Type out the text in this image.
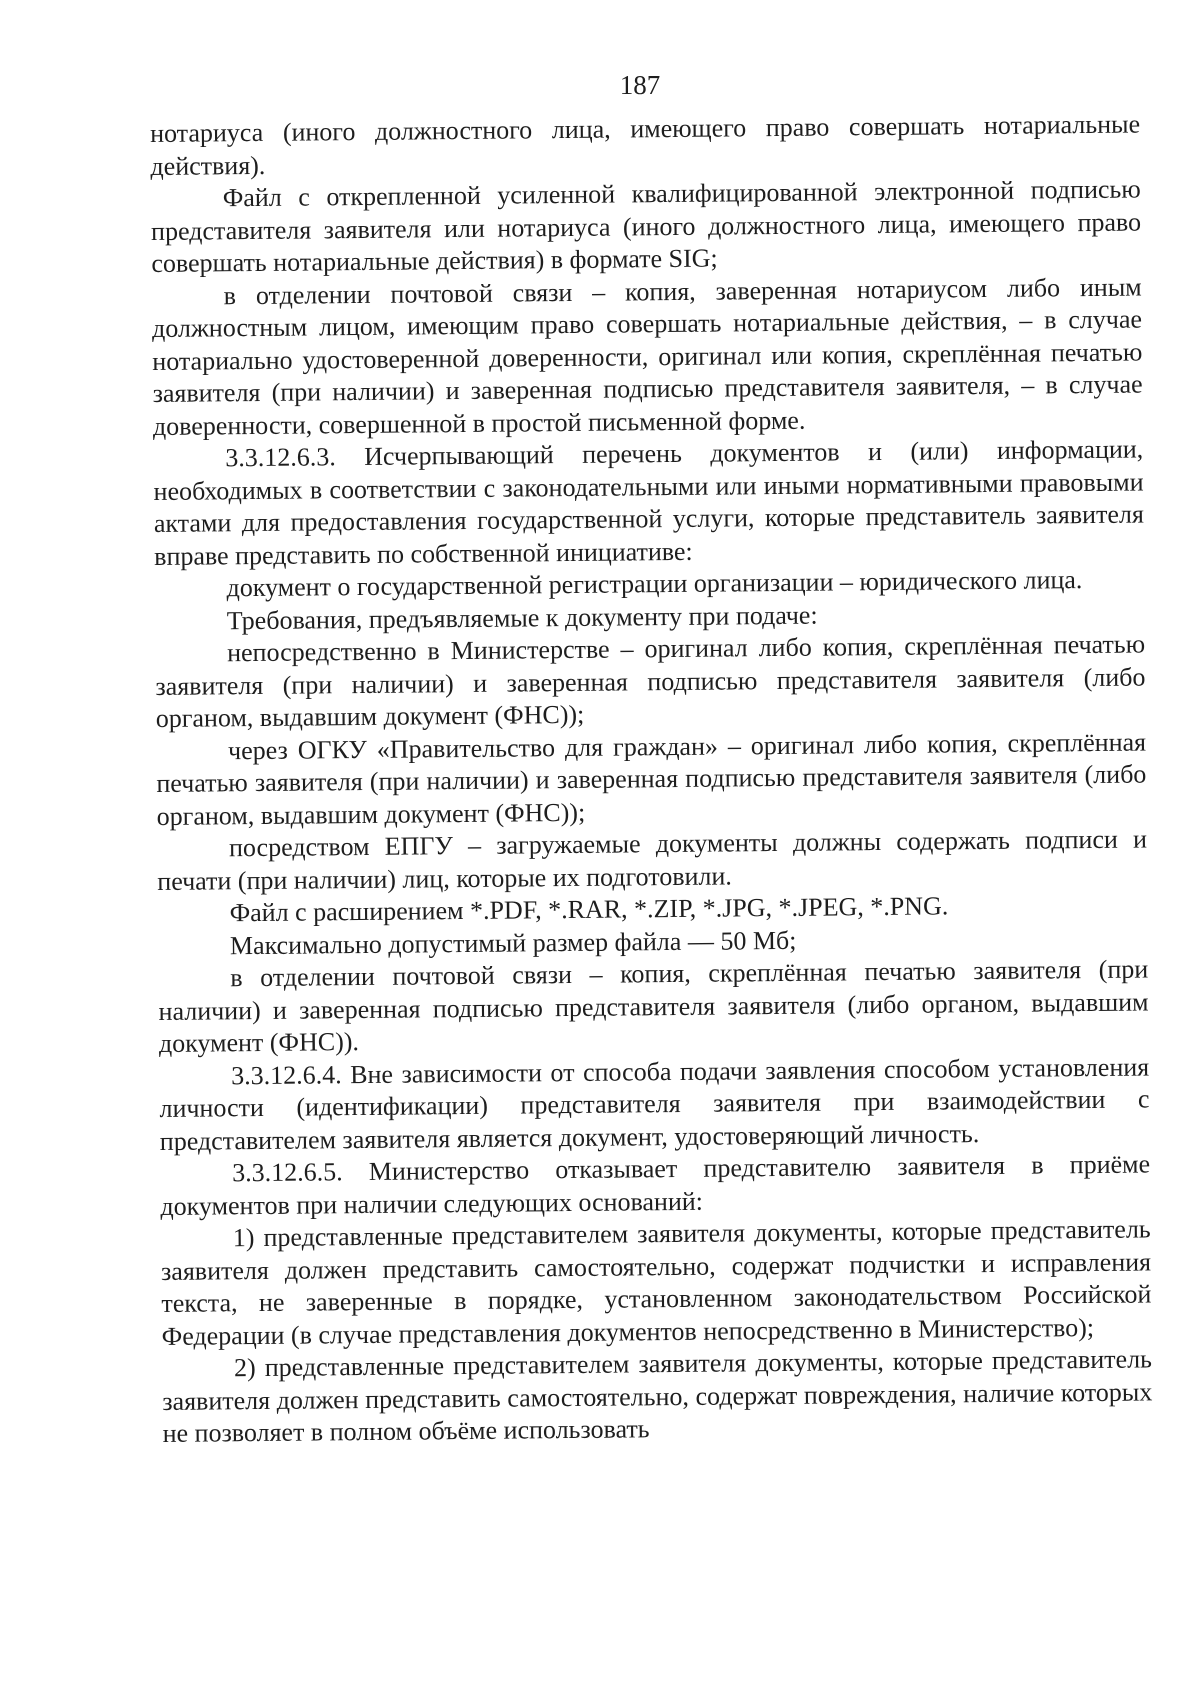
187

нотариуса (иного должностного лица, имеющего право совершать нотариальные действия).

Файл с открепленной усиленной квалифицированной электронной подписью представителя заявителя или нотариуса (иного должностного лица, имеющего право совершать нотариальные действия) в формате SIG;

в отделении почтовой связи – копия, заверенная нотариусом либо иным должностным лицом, имеющим право совершать нотариальные действия, – в случае нотариально удостоверенной доверенности, оригинал или копия, скреплённая печатью заявителя (при наличии) и заверенная подписью представителя заявителя, – в случае доверенности, совершенной в простой письменной форме.

3.3.12.6.3. Исчерпывающий перечень документов и (или) информации, необходимых в соответствии с законодательными или иными нормативными правовыми актами для предоставления государственной услуги, которые представитель заявителя вправе представить по собственной инициативе:

документ о государственной регистрации организации – юридического лица.

Требования, предъявляемые к документу при подаче:

непосредственно в Министерстве – оригинал либо копия, скреплённая печатью заявителя (при наличии) и заверенная подписью представителя заявителя (либо органом, выдавшим документ (ФНС));

через ОГКУ «Правительство для граждан» – оригинал либо копия, скреплённая печатью заявителя (при наличии) и заверенная подписью представителя заявителя (либо органом, выдавшим документ (ФНС));

посредством ЕПГУ – загружаемые документы должны содержать подписи и печати (при наличии) лиц, которые их подготовили.

Файл с расширением *.PDF, *.RAR, *.ZIP, *.JPG, *.JPEG, *.PNG.

Максимально допустимый размер файла — 50 Мб;

в отделении почтовой связи – копия, скреплённая печатью заявителя (при наличии) и заверенная подписью представителя заявителя (либо органом, выдавшим документ (ФНС)).

3.3.12.6.4. Вне зависимости от способа подачи заявления способом установления личности (идентификации) представителя заявителя при взаимодействии с представителем заявителя является документ, удостоверяющий личность.

3.3.12.6.5. Министерство отказывает представителю заявителя в приёме документов при наличии следующих оснований:

1) представленные представителем заявителя документы, которые представитель заявителя должен представить самостоятельно, содержат подчистки и исправления текста, не заверенные в порядке, установленном законодательством Российской Федерации (в случае представления документов непосредственно в Министерство);

2) представленные представителем заявителя документы, которые представитель заявителя должен представить самостоятельно, содержат повреждения, наличие которых не позволяет в полном объёме использовать
